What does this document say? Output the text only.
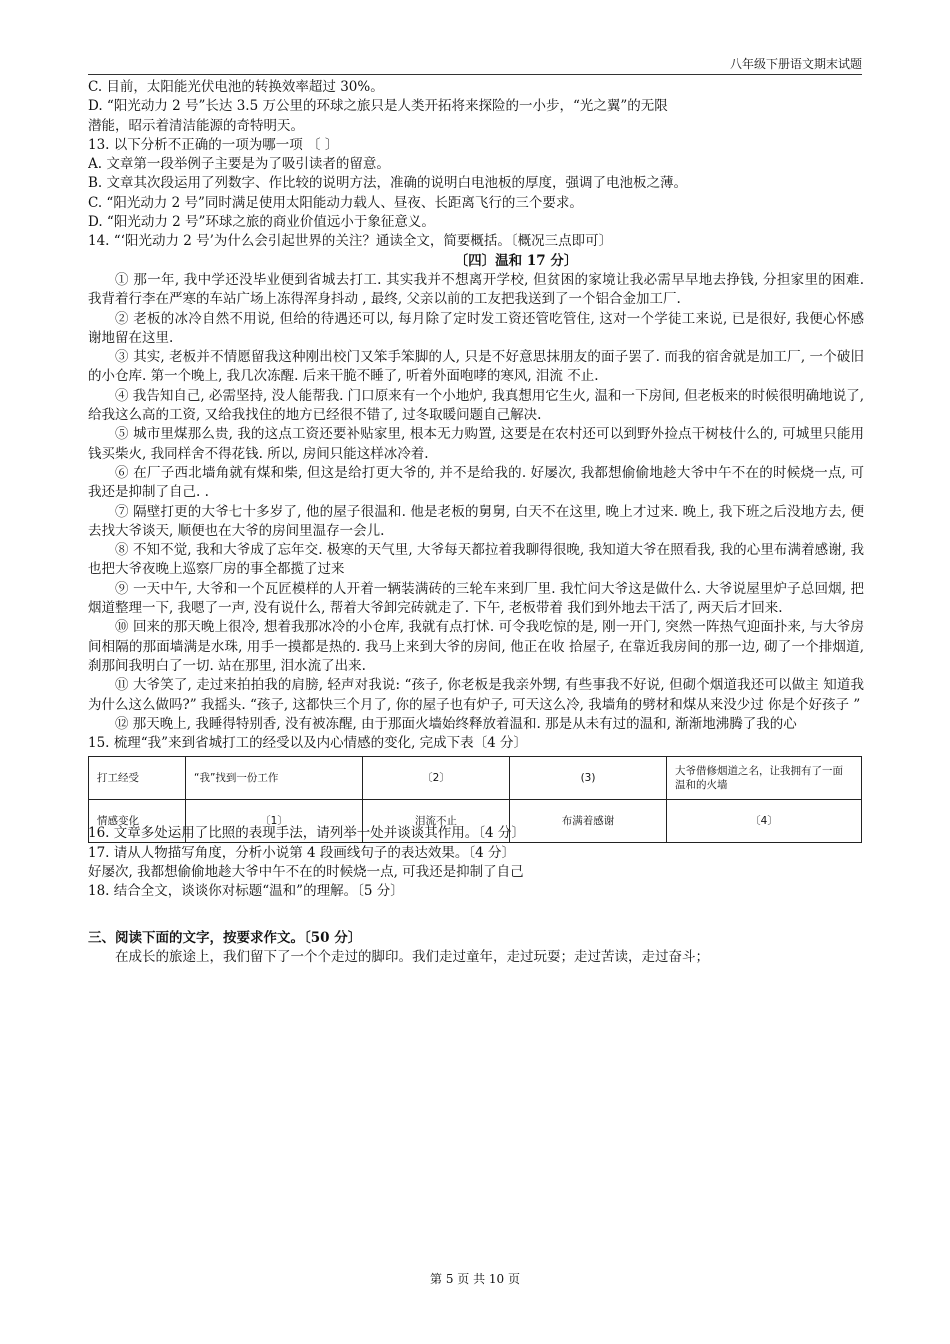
八年级下册语文期末试题
C. 目前，太阳能光伏电池的转换效率超过 30%。
D. “阳光动力 2 号”长达 3.5 万公里的环球之旅只是人类开拓将来探险的一小步，“光之翼”的无限
潜能，昭示着清洁能源的奇特明天。
13. 以下分析不正确的一项为哪一项 〔 〕
A. 文章第一段举例子主要是为了吸引读者的留意。
B. 文章其次段运用了列数字、作比较的说明方法，准确的说明白电池板的厚度，强调了电池板之薄。
C. “阳光动力 2 号”同时满足使用太阳能动力载人、昼夜、长距离飞行的三个要求。
D. “阳光动力 2 号”环球之旅的商业价值远小于象征意义。
14. “‘阳光动力 2 号’为什么会引起世界的关注？通读全文，简要概括。〔概况三点即可〕
〔四〕温和 17 分〕

① 那一年, 我中学还没毕业便到省城去打工. 其实我并不想离开学校, 但贫困的家境让我必需早早地去挣钱, 分担家里的困难. 我背着行李在严寒的车站广场上冻得浑身抖动 , 最终, 父亲以前的工友把我送到了一个铝合金加工厂.

② 老板的冰冷自然不用说, 但给的待遇还可以, 每月除了定时发工资还管吃管住, 这对一个学徒工来说, 已是很好, 我便心怀感谢地留在这里.

③ 其实, 老板并不情愿留我这种刚出校门又笨手笨脚的人, 只是不好意思抹朋友的面子罢了. 而我的宿舍就是加工厂, 一个破旧的小仓库. 第一个晚上, 我几次冻醒. 后来干脆不睡了, 听着外面咆哮的寒风, 泪流 不止.

④ 我告知自己, 必需坚持, 没人能帮我. 门口原来有一个小地炉, 我真想用它生火, 温和一下房间, 但老板来的时候很明确地说了, 给我这么高的工资, 又给我找住的地方已经很不错了, 过冬取暖问题自己解决.

⑤ 城市里煤那么贵, 我的这点工资还要补贴家里, 根本无力购置, 这要是在农村还可以到野外捡点干树枝什么的, 可城里只能用钱买柴火, 我同样舍不得花钱. 所以, 房间只能这样冰冷着.

⑥ 在厂子西北墙角就有煤和柴, 但这是给打更大爷的, 并不是给我的. 好屡次, 我都想偷偷地趁大爷中午不在的时候烧一点, 可我还是抑制了自己. .

⑦ 隔壁打更的大爷七十多岁了, 他的屋子很温和. 他是老板的舅舅, 白天不在这里, 晚上才过来. 晚上, 我下班之后没地方去, 便去找大爷谈天, 顺便也在大爷的房间里温存一会儿.

⑧ 不知不觉, 我和大爷成了忘年交. 极寒的天气里, 大爷每天都拉着我聊得很晚, 我知道大爷在照看我, 我的心里布满着感谢, 我也把大爷夜晚上巡察厂房的事全都揽了过来

⑨ 一天中午, 大爷和一个瓦匠模样的人开着一辆装满砖的三轮车来到厂里. 我忙问大爷这是做什么. 大爷说屋里炉子总回烟, 把烟道整理一下, 我嗯了一声, 没有说什么, 帮着大爷卸完砖就走了. 下午, 老板带着 我们到外地去干活了, 两天后才回来.

⑩ 回来的那天晚上很冷, 想着我那冰冷的小仓库, 我就有点打怵. 可令我吃惊的是, 刚一开门, 突然一阵热气迎面扑来, 与大爷房间相隔的那面墙满是水珠, 用手一摸都是热的. 我马上来到大爷的房间, 他正在收 拾屋子, 在靠近我房间的那一边, 砌了一个排烟道, 刹那间我明白了一切. 站在那里, 泪水流了出来.

⑪ 大爷笑了, 走过来拍拍我的肩膀, 轻声对我说: “孩子, 你老板是我亲外甥, 有些事我不好说, 但砌个烟道我还可以做主 知道我为什么这么做吗?” 我摇头. “孩子, 这都快三个月了, 你的屋子也有炉子, 可天这么冷, 我墙角的劈材和煤从来没少过 你是个好孩子 ”

⑫ 那天晚上, 我睡得特别香, 没有被冻醒, 由于那面火墙始终释放着温和. 那是从未有过的温和, 渐渐地沸腾了我的心

15. 梳理“我”来到省城打工的经受以及内心情感的变化, 完成下表〔4 分〕
打工经受	“我”找到一份工作	〔2〕	(3)	大爷借修烟道之名，让我拥有了一面温和的火墙
情感变化	〔1〕	泪流不止	布满着感谢	〔4〕
16. 文章多处运用了比照的表现手法，请列举一处并谈谈其作用。〔4 分〕
17. 请从人物描写角度，分析小说第 4 段画线句子的表达效果。〔4 分〕
好屡次, 我都想偷偷地趁大爷中午不在的时候烧一点, 可我还是抑制了自己
18. 结合全文，谈谈你对标题“温和”的理解。〔5 分〕
三、阅读下面的文字，按要求作文。〔50 分〕

在成长的旅途上，我们留下了一个个走过的脚印。我们走过童年，走过玩耍；走过苦读，走过奋斗；

第 5 页 共 10 页
